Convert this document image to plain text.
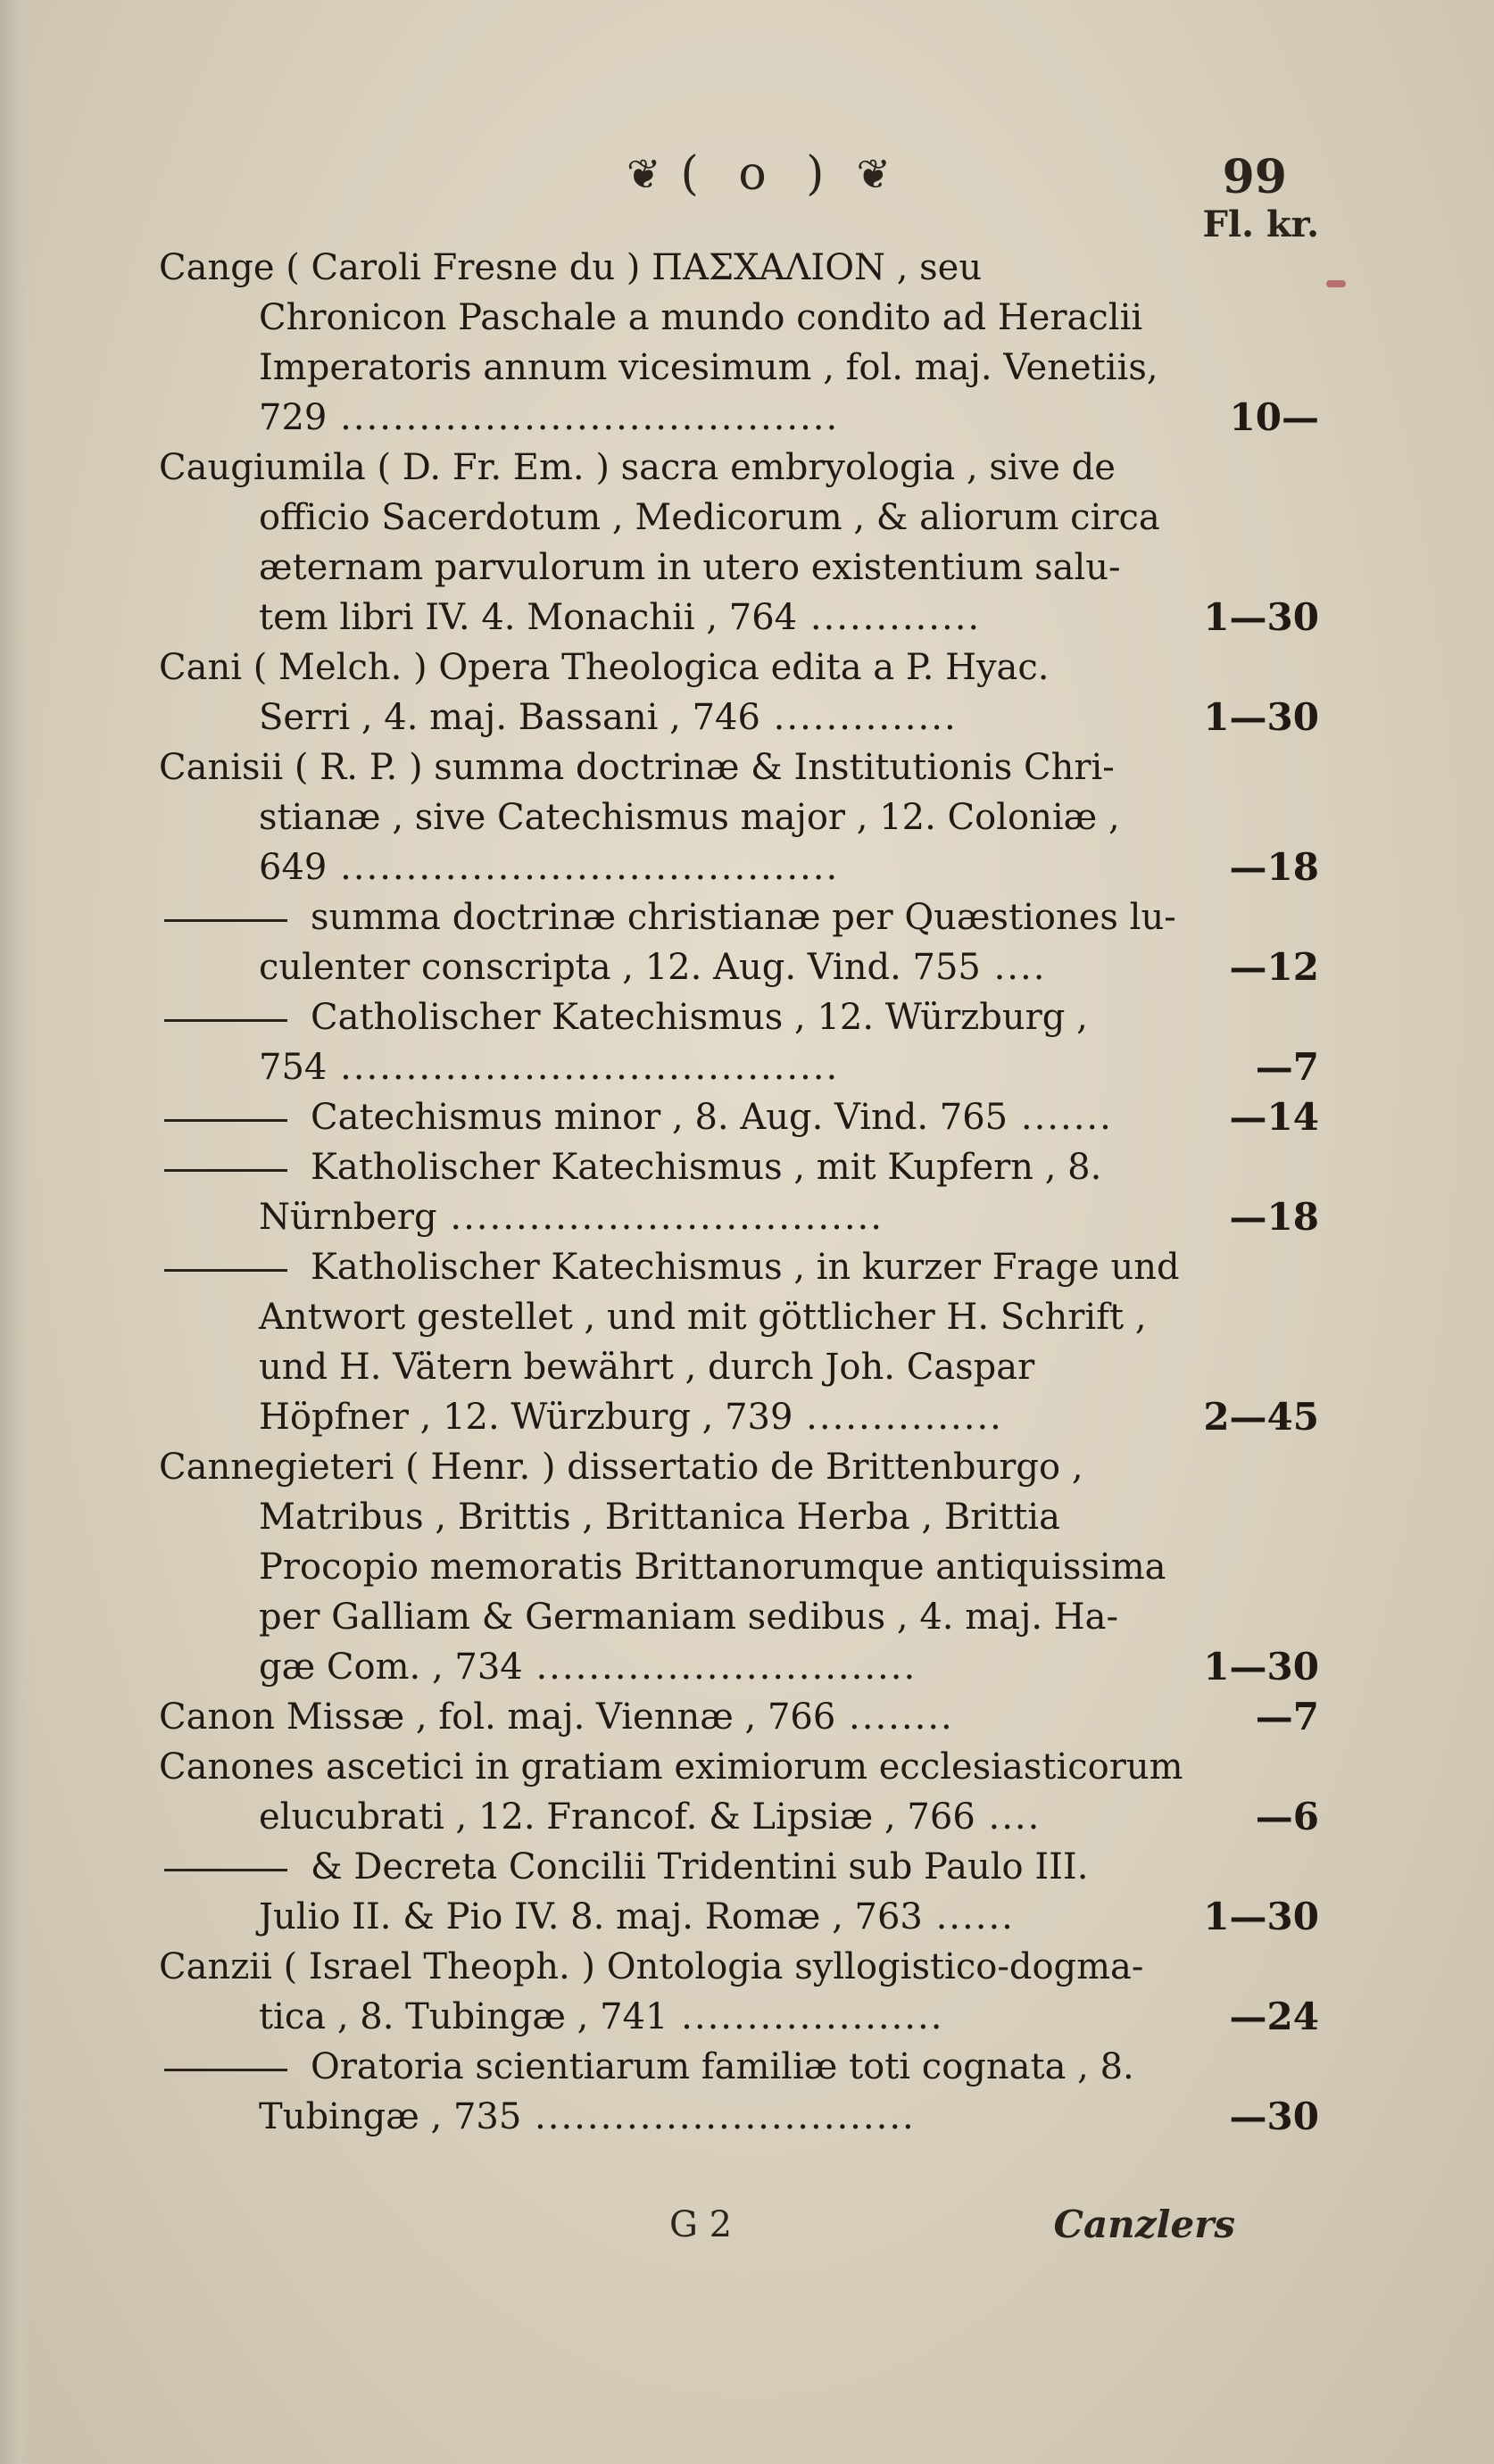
❦ ( o ) ❦	99
Fl. kr.
Cange ( Caroli Fresne du ) ΠΑΣΧΑΛΙΟΝ , seu
Chronicon Paschale a mundo condito ad Heraclii
Imperatoris annum vicesimum , fol. maj. Venetiis,
729 ......................................	10—
Caugiumila ( D. Fr. Em. ) sacra embryologia , sive de
officio Sacerdotum , Medicorum , & aliorum circa
æternam parvulorum in utero existentium salu-
tem libri IV. 4. Monachii , 764 .............	1—30
Cani ( Melch. ) Opera Theologica edita a P. Hyac.
Serri , 4. maj. Bassani , 746 ..............	1—30
Canisii ( R. P. ) summa doctrinæ & Institutionis Chri-
stianæ , sive Catechismus major , 12. Coloniæ ,
649 ......................................	—18
summa doctrinæ christianæ per Quæstiones lu-
culenter conscripta , 12. Aug. Vind. 755 ....	—12
Catholischer Katechismus , 12. Würzburg ,
754 ......................................	—7
Catechismus minor , 8. Aug. Vind. 765 .......	—14
Katholischer Katechismus , mit Kupfern , 8.
Nürnberg .................................	—18
Katholischer Katechismus , in kurzer Frage und
Antwort gestellet , und mit göttlicher H. Schrift ,
und H. Vätern bewährt , durch Joh. Caspar
Höpfner , 12. Würzburg , 739 ...............	2—45
Cannegieteri ( Henr. ) dissertatio de Brittenburgo ,
Matribus , Brittis , Brittanica Herba , Brittia
Procopio memoratis Brittanorumque antiquissima
per Galliam & Germaniam sedibus , 4. maj. Ha-
gæ Com. , 734 .............................	1—30
Canon Missæ , fol. maj. Viennæ , 766 ........	—7
Canones ascetici in gratiam eximiorum ecclesiasticorum
elucubrati , 12. Francof. & Lipsiæ , 766 ....	—6
& Decreta Concilii Tridentini sub Paulo III.
Julio II. & Pio IV. 8. maj. Romæ , 763 ......	1—30
Canzii ( Israel Theoph. ) Ontologia syllogistico-dogma-
tica , 8. Tubingæ , 741 ....................	—24
Oratoria scientiarum familiæ toti cognata , 8.
Tubingæ , 735 .............................	—30
G 2	Canzlers
